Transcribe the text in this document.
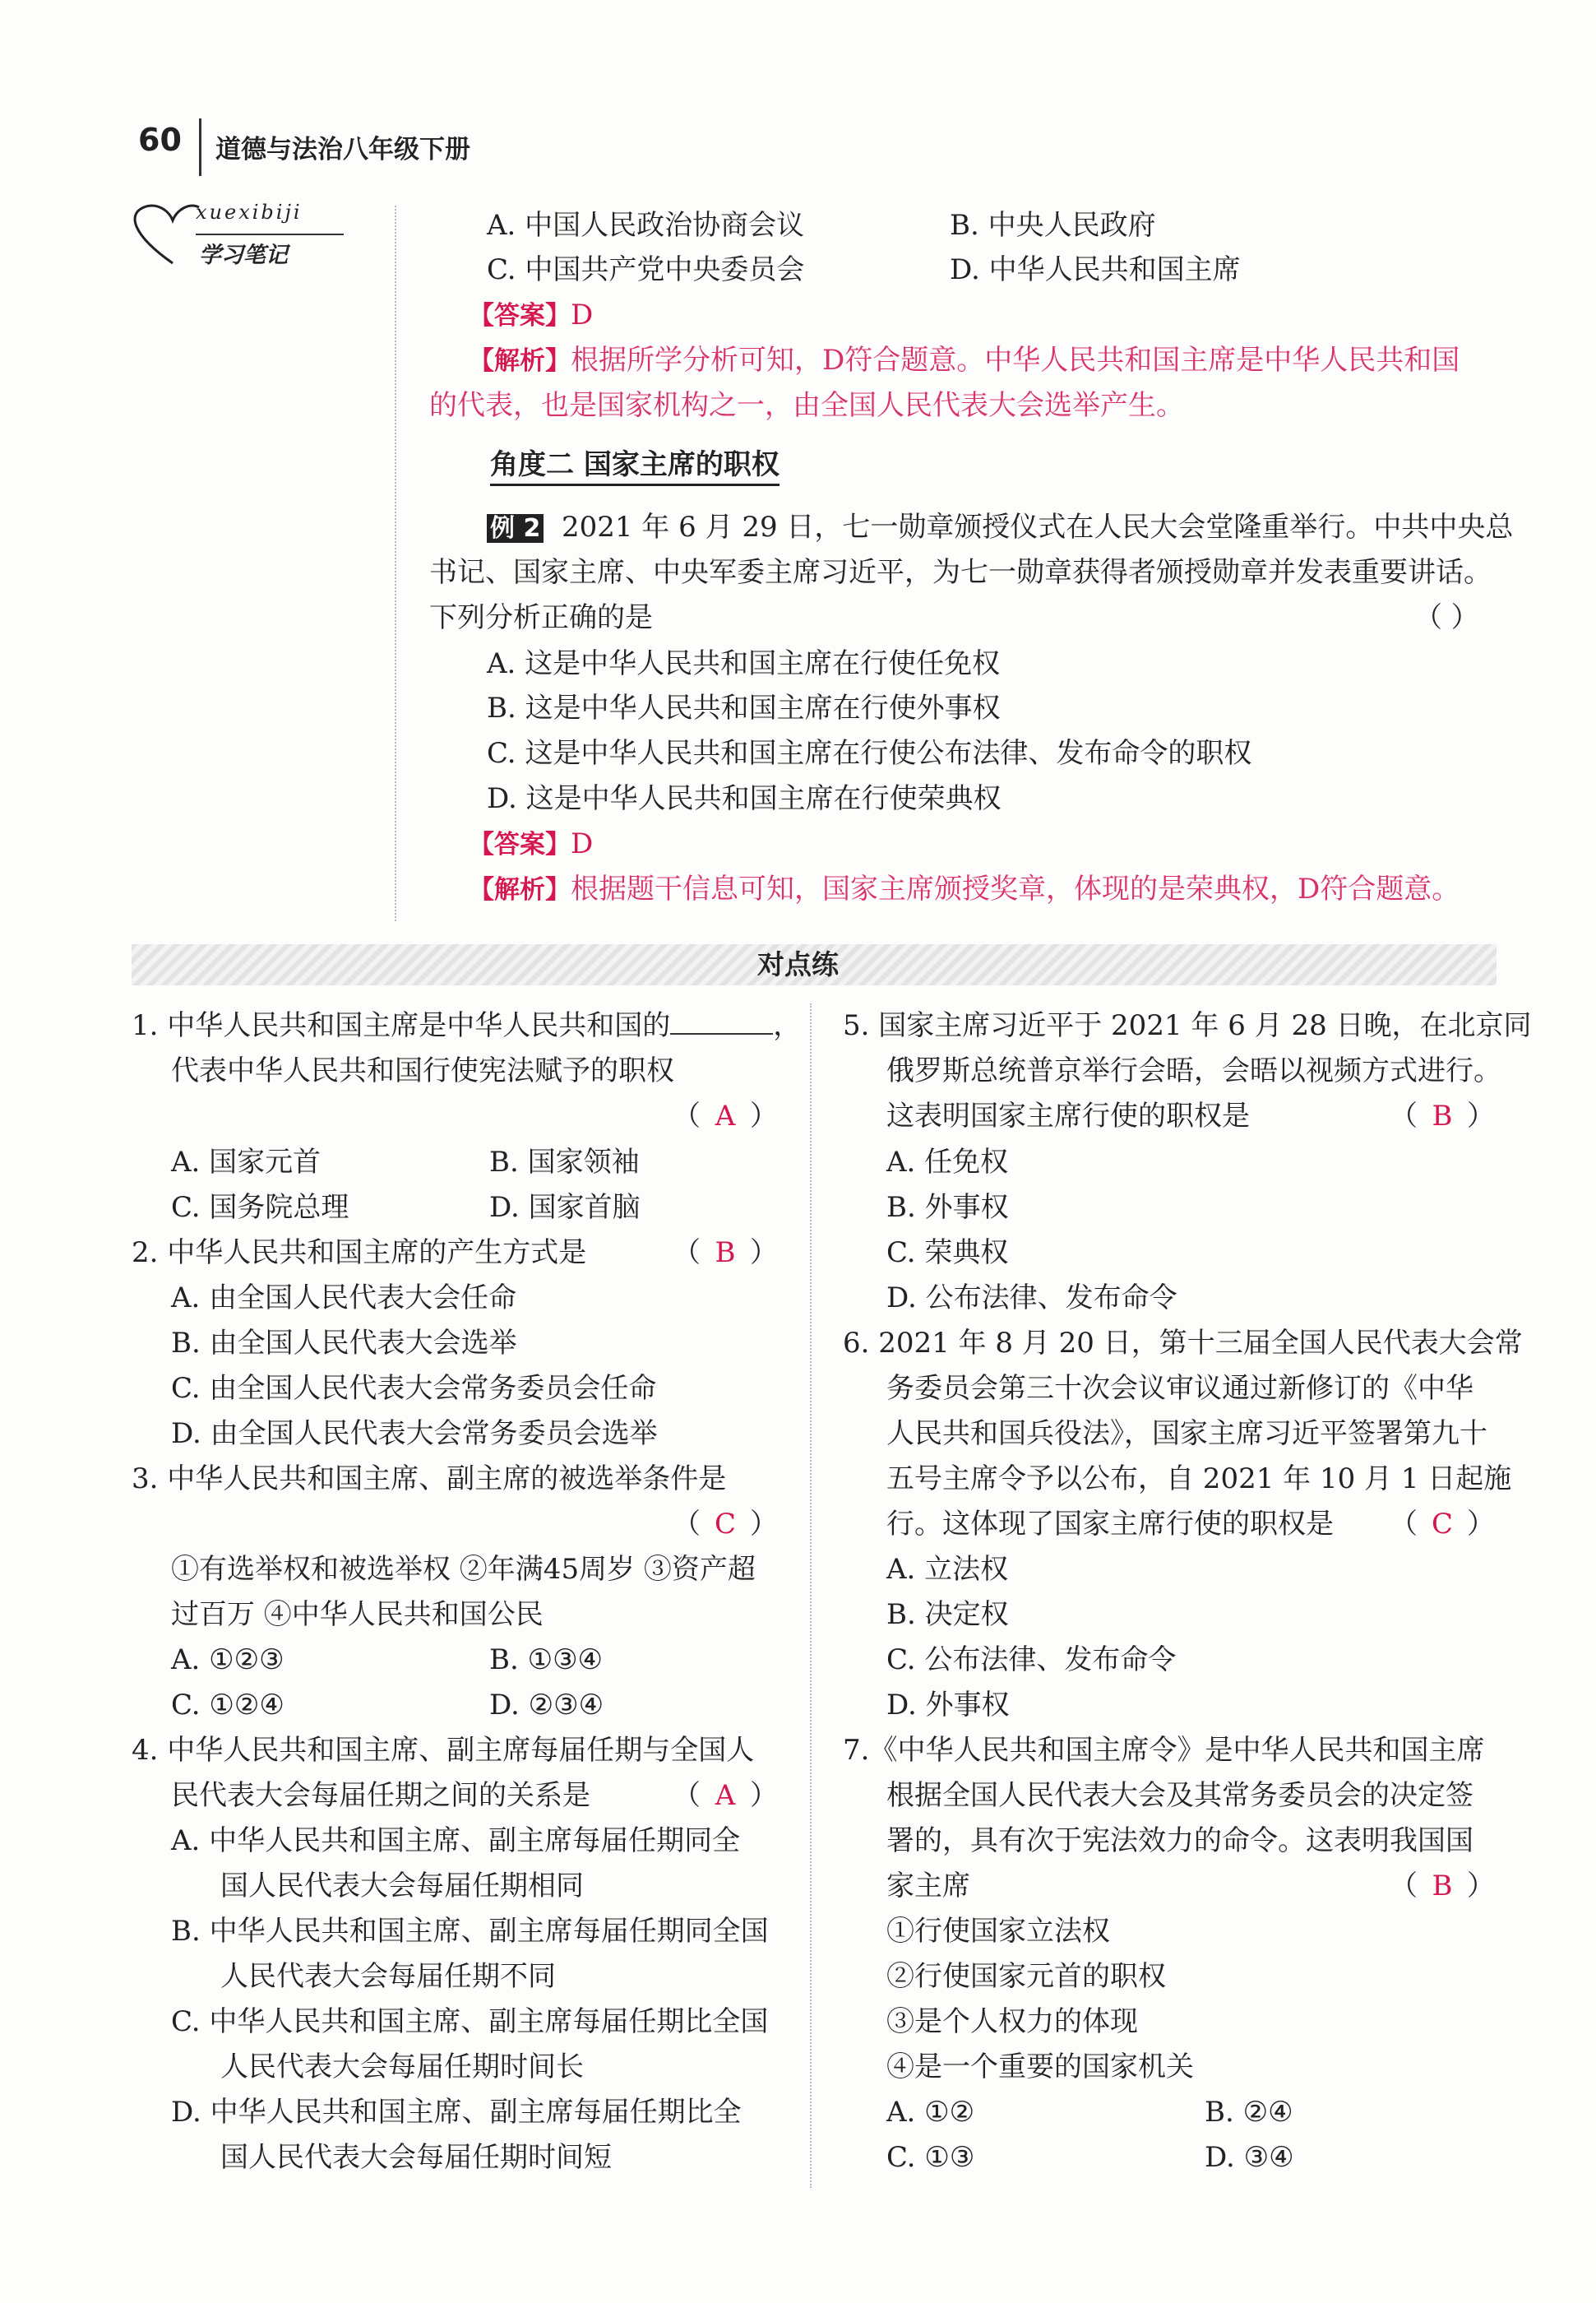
60 道德与法治八年级下册
xuexibiji
学习笔记
A. 中国人民政治协商会议	B. 中央人民政府
C. 中国共产党中央委员会	D. 中华人民共和国主席
【答案】D
【解析】根据所学分析可知，D符合题意。中华人民共和国主席是中华人民共和国
的代表，也是国家机构之一，由全国人民代表大会选举产生。
角度二 国家主席的职权
例 2 2021 年 6 月 29 日，七一勋章颁授仪式在人民大会堂隆重举行。中共中央总
书记、国家主席、中央军委主席习近平，为七一勋章获得者颁授勋章并发表重要讲话。
下列分析正确的是	（ ）
A. 这是中华人民共和国主席在行使任免权
B. 这是中华人民共和国主席在行使外事权
C. 这是中华人民共和国主席在行使公布法律、发布命令的职权
D. 这是中华人民共和国主席在行使荣典权
【答案】D
【解析】根据题干信息可知，国家主席颁授奖章，体现的是荣典权，D符合题意。
对点练
1. 中华人民共和国主席是中华人民共和国的	，
代表中华人民共和国行使宪法赋予的职权
（ A ）
A. 国家元首	B. 国家领袖
C. 国务院总理	D. 国家首脑
2. 中华人民共和国主席的产生方式是	（ B ）
A. 由全国人民代表大会任命
B. 由全国人民代表大会选举
C. 由全国人民代表大会常务委员会任命
D. 由全国人民代表大会常务委员会选举
3. 中华人民共和国主席、副主席的被选举条件是
（ C ）
①有选举权和被选举权 ②年满45周岁 ③资产超
过百万 ④中华人民共和国公民
A. ①②③	B. ①③④
C. ①②④	D. ②③④
4. 中华人民共和国主席、副主席每届任期与全国人
民代表大会每届任期之间的关系是	（ A ）
A. 中华人民共和国主席、副主席每届任期同全
国人民代表大会每届任期相同
B. 中华人民共和国主席、副主席每届任期同全国
人民代表大会每届任期不同
C. 中华人民共和国主席、副主席每届任期比全国
人民代表大会每届任期时间长
D. 中华人民共和国主席、副主席每届任期比全
国人民代表大会每届任期时间短
5. 国家主席习近平于 2021 年 6 月 28 日晚，在北京同
俄罗斯总统普京举行会晤，会晤以视频方式进行。
这表明国家主席行使的职权是	（ B ）
A. 任免权
B. 外事权
C. 荣典权
D. 公布法律、发布命令
6. 2021 年 8 月 20 日，第十三届全国人民代表大会常
务委员会第三十次会议审议通过新修订的《中华
人民共和国兵役法》，国家主席习近平签署第九十
五号主席令予以公布，自 2021 年 10 月 1 日起施
行。这体现了国家主席行使的职权是 （ C ）
A. 立法权
B. 决定权
C. 公布法律、发布命令
D. 外事权
7.《中华人民共和国主席令》是中华人民共和国主席
根据全国人民代表大会及其常务委员会的决定签
署的，具有次于宪法效力的命令。这表明我国国
家主席	（ B ）
①行使国家立法权
②行使国家元首的职权
③是个人权力的体现
④是一个重要的国家机关
A. ①②	B. ②④
C. ①③	D. ③④
